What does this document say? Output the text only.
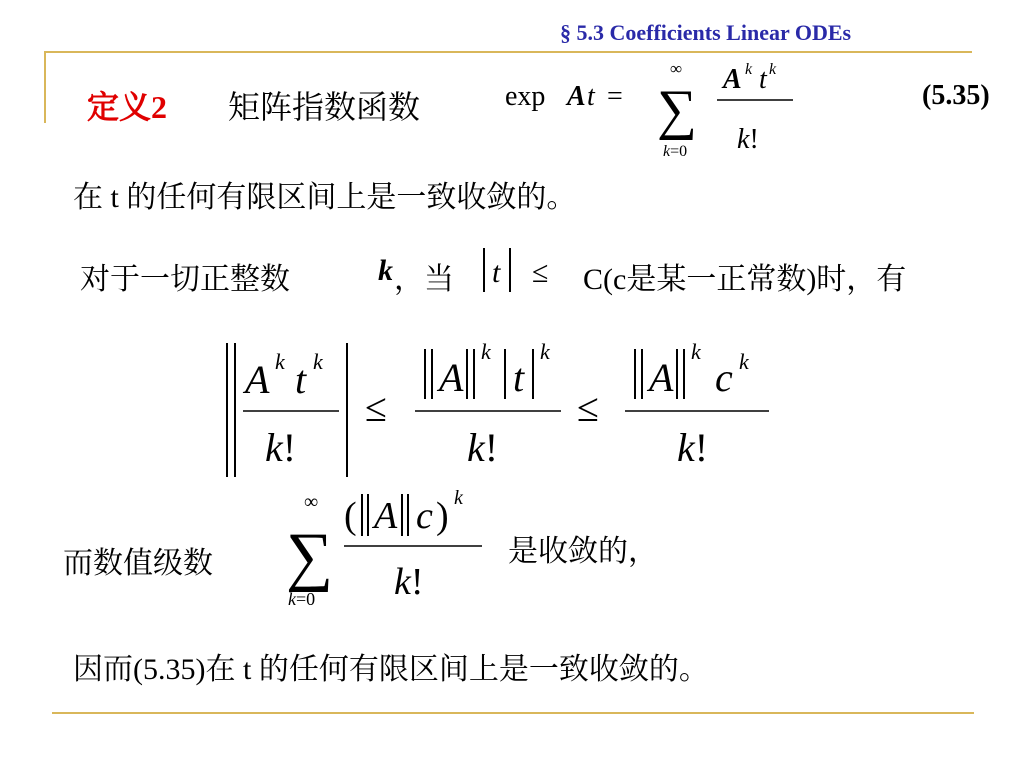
§ 5.3 Coefficients Linear ODEs
定义2 矩阵指数函数	exp A t =
∞
∑
k=0
A k t k
k!
(5.35)
在 t 的任何有限区间上是一致收敛的。
对于一切正整数	k ，当 t ≤ C(c是某一正常数)时，有
A k t k
k!
≤
A
k
t
k
k!
≤
A
k
c k
k!
而数值级数
∞
∑
k=0
( A c ) k
k!
是收敛的，
因而(5.35)在 t 的任何有限区间上是一致收敛的。
